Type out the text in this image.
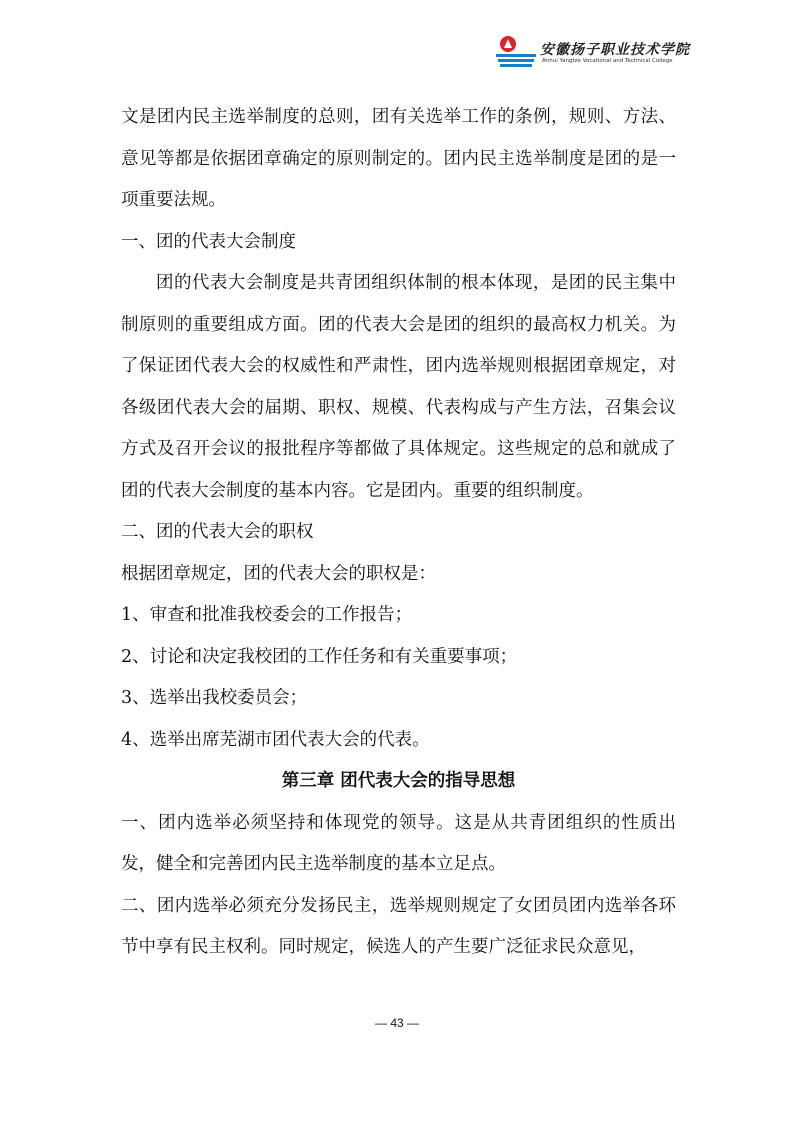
安徽扬子职业技术学院
Anhui Yangtze Vocational and Technical College

文是团内民主选举制度的总则，团有关选举工作的条例，规则、方法、意见等都是依据团章确定的原则制定的。团内民主选举制度是团的是一项重要法规。

一、团的代表大会制度

团的代表大会制度是共青团组织体制的根本体现，是团的民主集中制原则的重要组成方面。团的代表大会是团的组织的最高权力机关。为了保证团代表大会的权威性和严肃性，团内选举规则根据团章规定，对各级团代表大会的届期、职权、规模、代表构成与产生方法，召集会议方式及召开会议的报批程序等都做了具体规定。这些规定的总和就成了团的代表大会制度的基本内容。它是团内。重要的组织制度。

二、团的代表大会的职权

根据团章规定，团的代表大会的职权是：

1、审查和批准我校委会的工作报告；

2、讨论和决定我校团的工作任务和有关重要事项；

3、选举出我校委员会；

4、选举出席芜湖市团代表大会的代表。

第三章 团代表大会的指导思想

一、团内选举必须坚持和体现党的领导。这是从共青团组织的性质出发，健全和完善团内民主选举制度的基本立足点。

二、团内选举必须充分发扬民主，选举规则规定了女团员团内选举各环节中享有民主权利。同时规定，候选人的产生要广泛征求民众意见，

— 43 —
